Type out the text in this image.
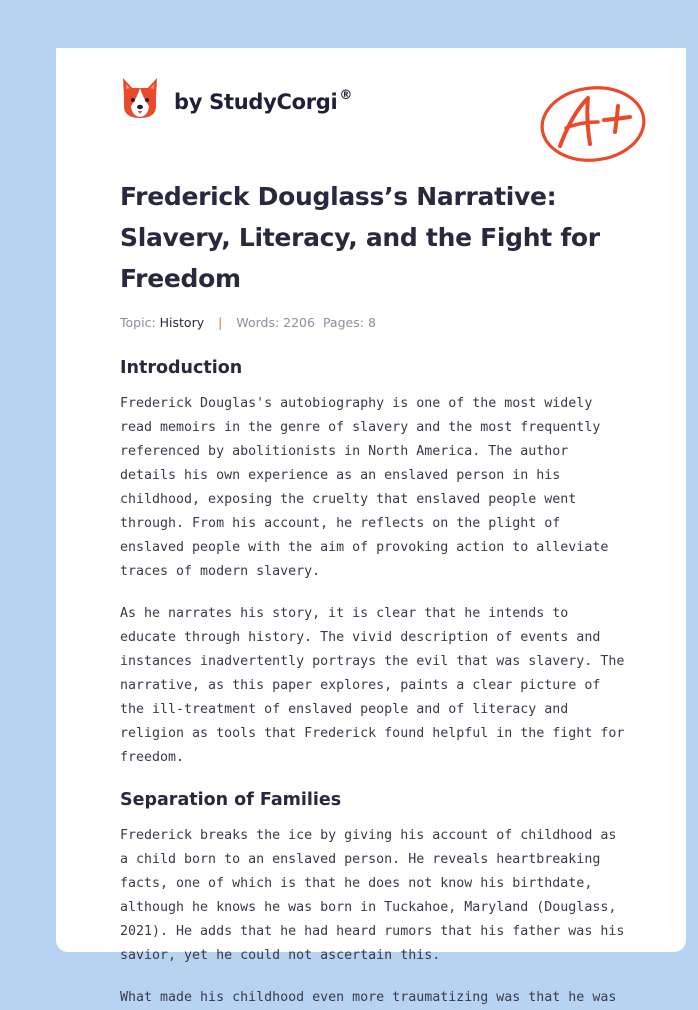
by StudyCorgi ®
Frederick Douglass’s Narrative: Slavery, Literacy, and the Fight for Freedom
Topic: History | Words: 2206 Pages: 8
Introduction

Frederick Douglas's autobiography is one of the most widely read memoirs in the genre of slavery and the most frequently referenced by abolitionists in North America. The author details his own experience as an enslaved person in his childhood, exposing the cruelty that enslaved people went through. From his account, he reflects on the plight of enslaved people with the aim of provoking action to alleviate traces of modern slavery.

As he narrates his story, it is clear that he intends to educate through history. The vivid description of events and instances inadvertently portrays the evil that was slavery. The narrative, as this paper explores, paints a clear picture of the ill-treatment of enslaved people and of literacy and religion as tools that Frederick found helpful in the fight for freedom.

Separation of Families

Frederick breaks the ice by giving his account of childhood as a child born to an enslaved person. He reveals heartbreaking facts, one of which is that he does not know his birthdate, although he knows he was born in Tuckahoe, Maryland (Douglass, 2021). He adds that he had heard rumors that his father was his savior, yet he could not ascertain this.

What made his childhood even more traumatizing was that he was
